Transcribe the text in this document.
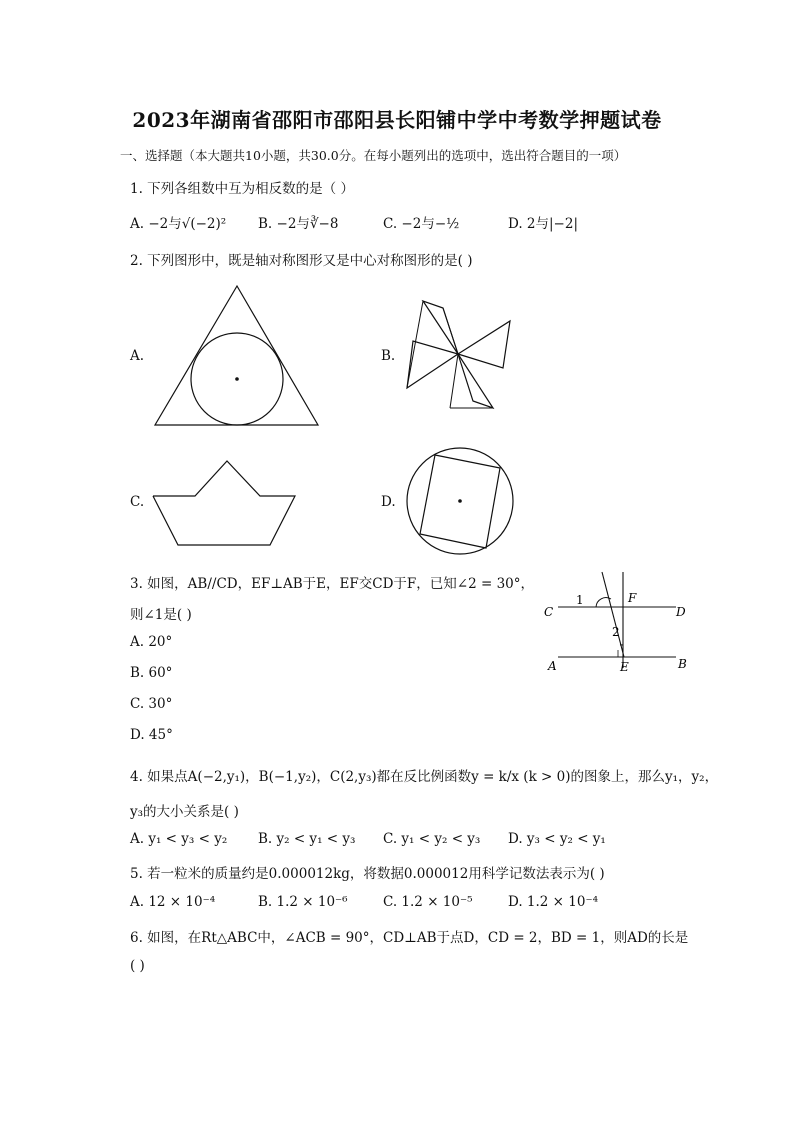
2023年湖南省邵阳市邵阳县长阳铺中学中考数学押题试卷
一、选择题（本大题共10小题，共30.0分。在每小题列出的选项中，选出符合题目的一项）
1. 下列各组数中互为相反数的是（ ）
A. −2与√(−2)² B. −2与∛−8	C. −2与−½	D. 2与|−2|
2. 下列图形中，既是轴对称图形又是中心对称图形的是( )
A.	B.
C.	D.
3. 如图，AB//CD，EF⊥AB于E，EF交CD于F，已知∠2 = 30°，
则∠1是( )
A. 20°
B. 60°
C. 30°
D. 45°
C	D
A	B
E
F
1
2
4. 如果点A(−2,y₁)，B(−1,y₂)，C(2,y₃)都在反比例函数y = k/x (k > 0)的图象上，那么y₁，y₂，
y₃的大小关系是( )
A. y₁ < y₃ < y₂ B. y₂ < y₁ < y₃ C. y₁ < y₂ < y₃ D. y₃ < y₂ < y₁
5. 若一粒米的质量约是0.000012kg，将数据0.000012用科学记数法表示为( )
A. 12 × 10⁻⁴	B. 1.2 × 10⁻⁶	C. 1.2 × 10⁻⁵	D. 1.2 × 10⁻⁴
6. 如图，在Rt△ABC中，∠ACB = 90°，CD⊥AB于点D，CD = 2，BD = 1，则AD的长是
( )
